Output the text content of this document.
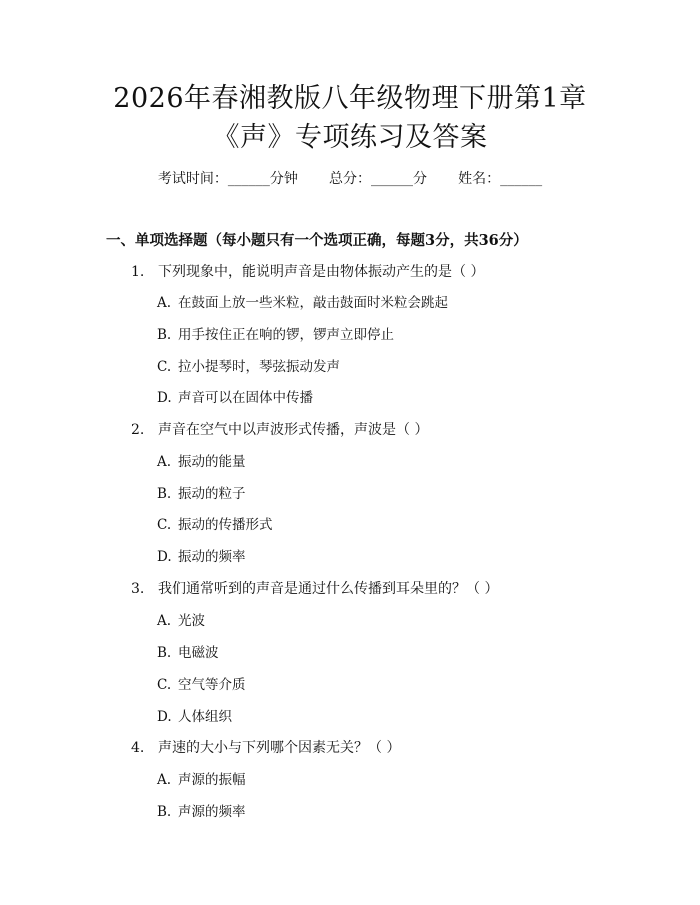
2026年春湘教版八年级物理下册第1章
《声》专项练习及答案
考试时间：______分钟 总分：______分 姓名：______
一、单项选择题（每小题只有一个选项正确，每题3分，共36分）
1. 下列现象中，能说明声音是由物体振动产生的是（ ）
A. 在鼓面上放一些米粒，敲击鼓面时米粒会跳起
B. 用手按住正在响的锣，锣声立即停止
C. 拉小提琴时，琴弦振动发声
D. 声音可以在固体中传播
2. 声音在空气中以声波形式传播，声波是（ ）
A. 振动的能量
B. 振动的粒子
C. 振动的传播形式
D. 振动的频率
3. 我们通常听到的声音是通过什么传播到耳朵里的？（ ）
A. 光波
B. 电磁波
C. 空气等介质
D. 人体组织
4. 声速的大小与下列哪个因素无关？（ ）
A. 声源的振幅
B. 声源的频率
